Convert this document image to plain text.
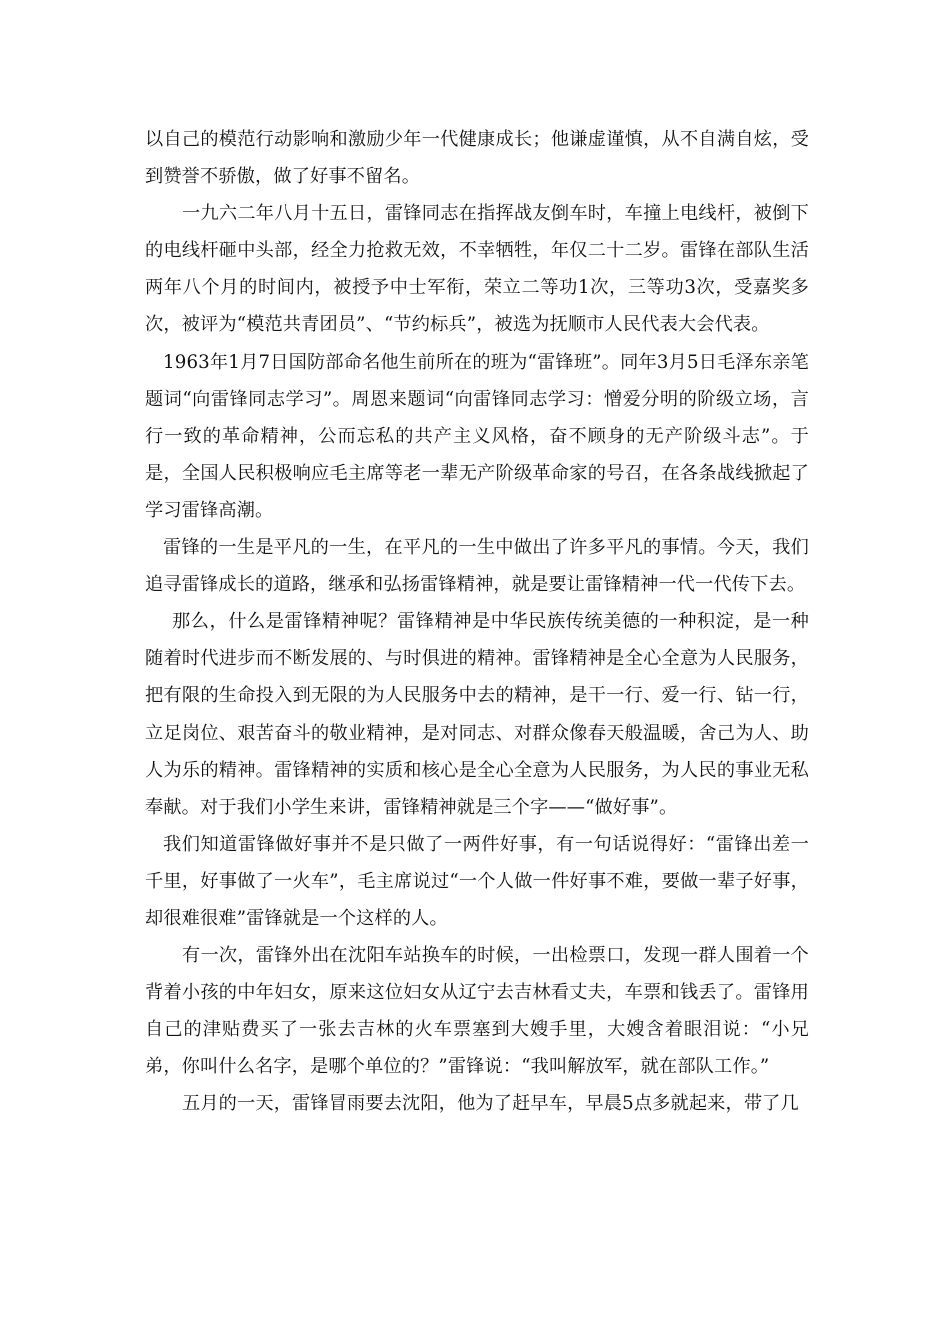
以自己的模范行动影响和激励少年一代健康成长；他谦虚谨慎，从不自满自炫，受到赞誉不骄傲，做了好事不留名。

一九六二年八月十五日，雷锋同志在指挥战友倒车时，车撞上电线杆，被倒下的电线杆砸中头部，经全力抢救无效，不幸牺牲，年仅二十二岁。雷锋在部队生活两年八个月的时间内，被授予中士军衔，荣立二等功1次，三等功3次，受嘉奖多次，被评为“模范共青团员”、“节约标兵”，被选为抚顺市人民代表大会代表。

1963年1月7日国防部命名他生前所在的班为“雷锋班”。同年3月5日毛泽东亲笔题词“向雷锋同志学习”。周恩来题词“向雷锋同志学习：憎爱分明的阶级立场，言行一致的革命精神，公而忘私的共产主义风格，奋不顾身的无产阶级斗志”。于是，全国人民积极响应毛主席等老一辈无产阶级革命家的号召，在各条战线掀起了学习雷锋高潮。

雷锋的一生是平凡的一生，在平凡的一生中做出了许多平凡的事情。今天，我们追寻雷锋成长的道路，继承和弘扬雷锋精神，就是要让雷锋精神一代一代传下去。

那么，什么是雷锋精神呢？雷锋精神是中华民族传统美德的一种积淀，是一种随着时代进步而不断发展的、与时俱进的精神。雷锋精神是全心全意为人民服务，把有限的生命投入到无限的为人民服务中去的精神，是干一行、爱一行、钻一行，立足岗位、艰苦奋斗的敬业精神，是对同志、对群众像春天般温暖，舍己为人、助人为乐的精神。雷锋精神的实质和核心是全心全意为人民服务，为人民的事业无私奉献。对于我们小学生来讲，雷锋精神就是三个字——“做好事”。

我们知道雷锋做好事并不是只做了一两件好事，有一句话说得好：“雷锋出差一千里，好事做了一火车”，毛主席说过“一个人做一件好事不难，要做一辈子好事，却很难很难”雷锋就是一个这样的人。

有一次，雷锋外出在沈阳车站换车的时候，一出检票口，发现一群人围着一个背着小孩的中年妇女，原来这位妇女从辽宁去吉林看丈夫，车票和钱丢了。雷锋用自己的津贴费买了一张去吉林的火车票塞到大嫂手里，大嫂含着眼泪说：“小兄弟，你叫什么名字，是哪个单位的？”雷锋说：“我叫解放军，就在部队工作。”

五月的一天，雷锋冒雨要去沈阳，他为了赶早车，早晨5点多就起来，带了几
